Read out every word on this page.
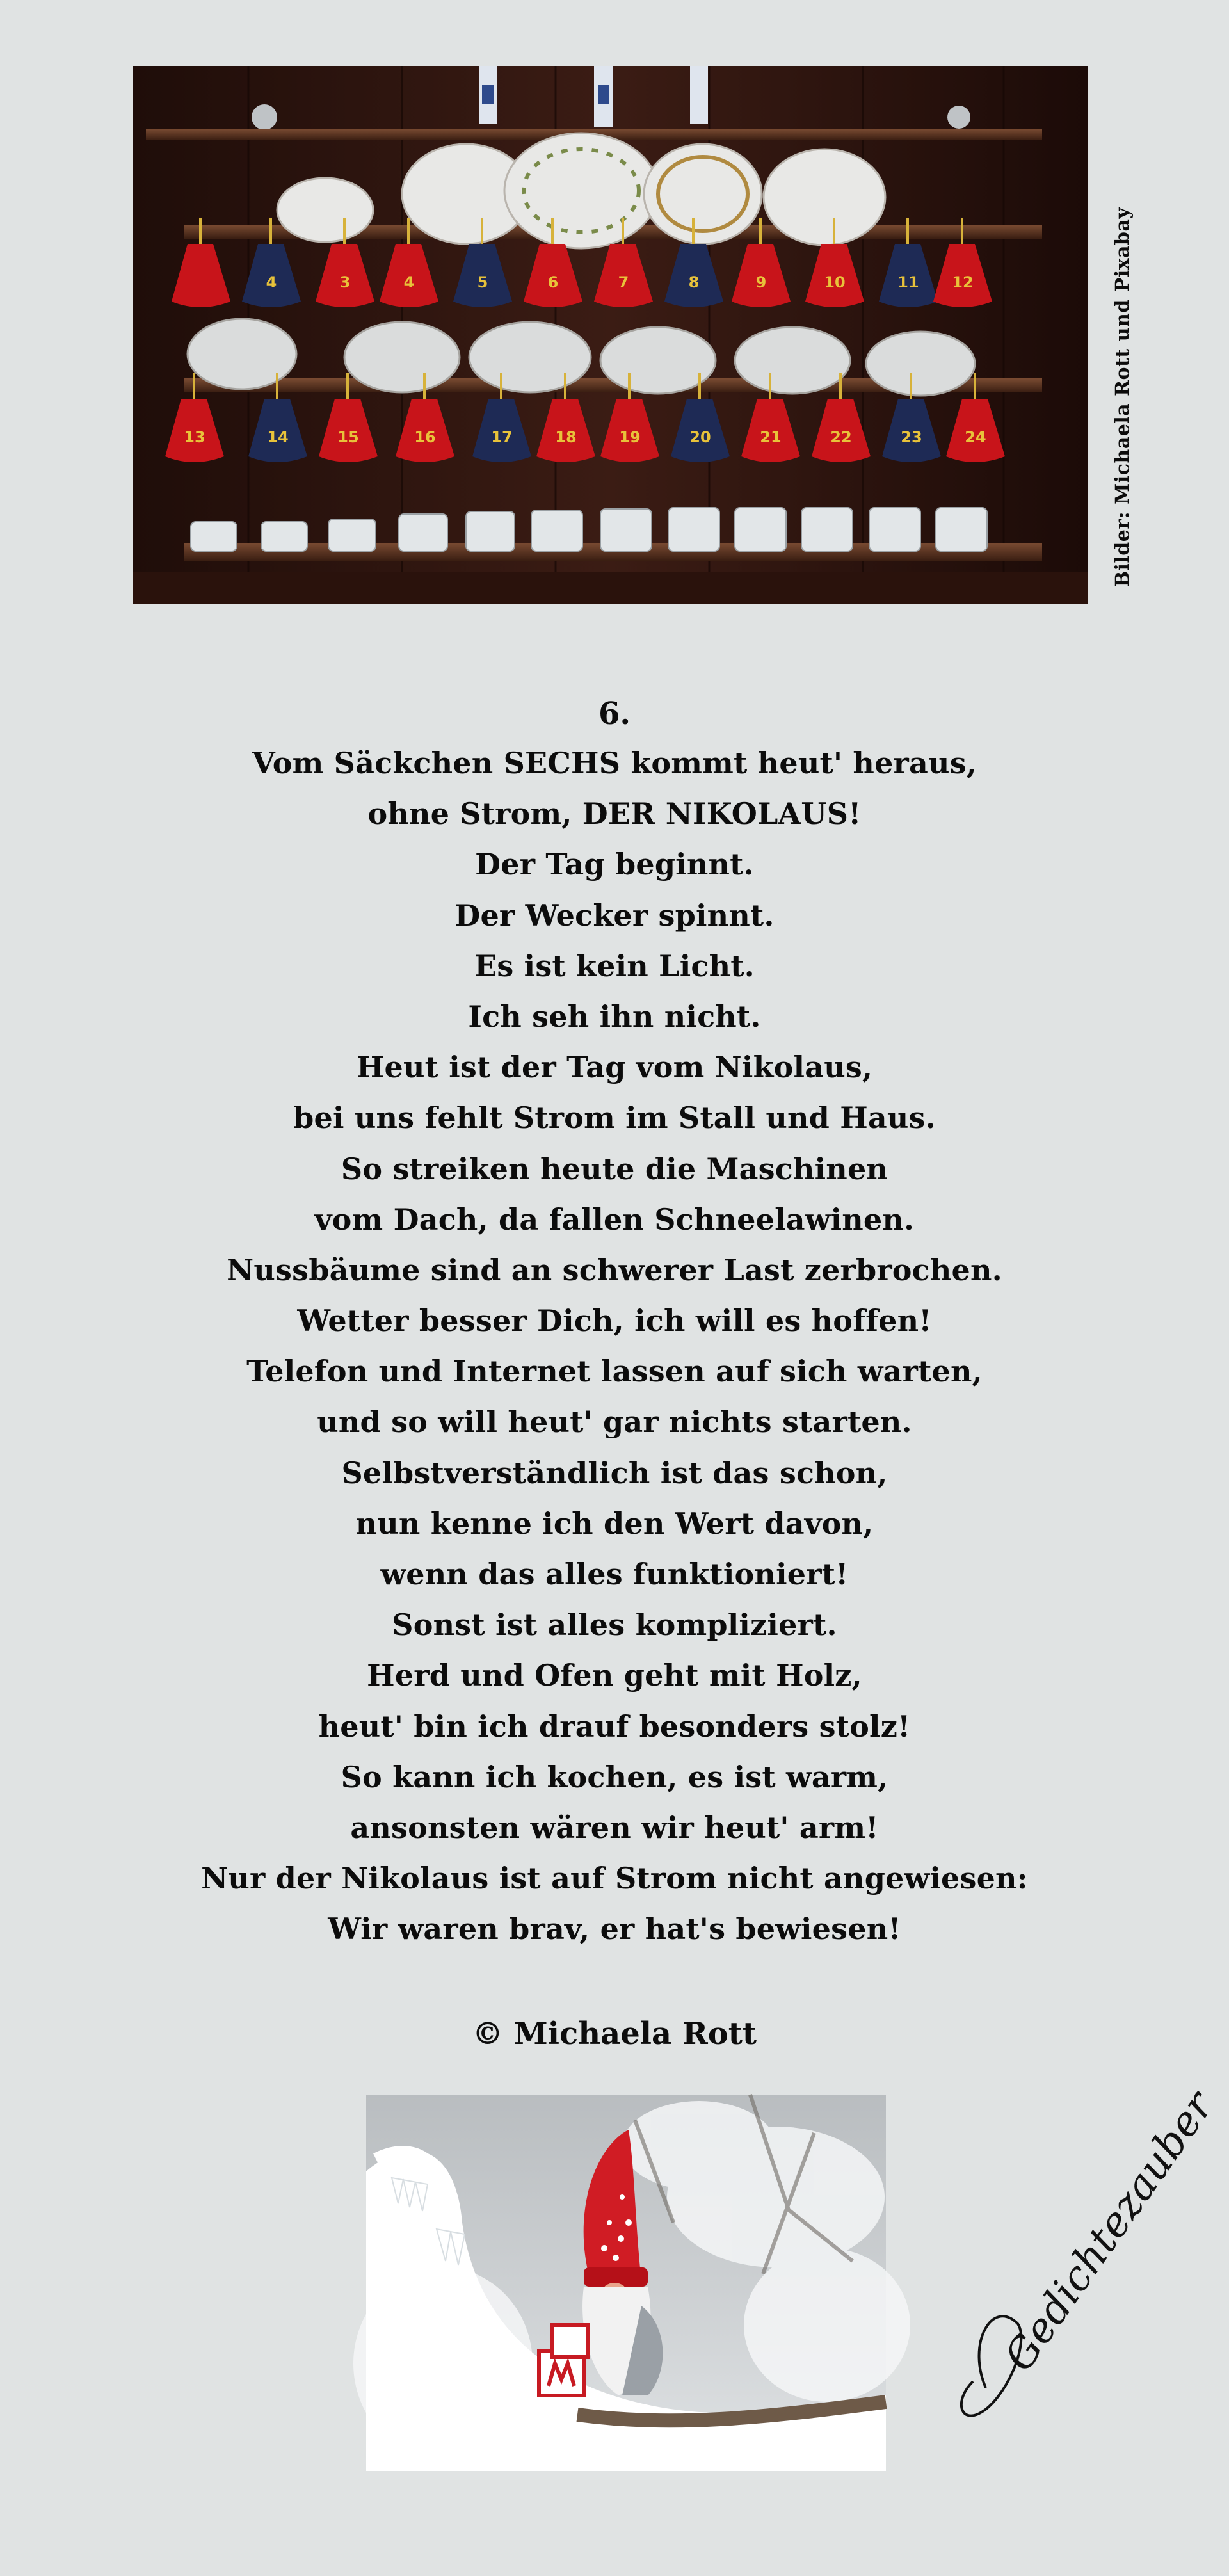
4	3	4	5	6	7	8	9	10	11 12
13	14	15	16	17	18	19	20	21	22	23	24	Bilder: Michaela Rott und Pixabay
6.
Vom Säckchen SECHS kommt heut' heraus,
ohne Strom, DER NIKOLAUS!
Der Tag beginnt.
Der Wecker spinnt.
Es ist kein Licht.
Ich seh ihn nicht.
Heut ist der Tag vom Nikolaus,
bei uns fehlt Strom im Stall und Haus.
So streiken heute die Maschinen
vom Dach, da fallen Schneelawinen.
Nussbäume sind an schwerer Last zerbrochen.
Wetter besser Dich, ich will es hoffen!
Telefon und Internet lassen auf sich warten,
und so will heut' gar nichts starten.
Selbstverständlich ist das schon,
nun kenne ich den Wert davon,
wenn das alles funktioniert!
Sonst ist alles kompliziert.
Herd und Ofen geht mit Holz,
heut' bin ich drauf besonders stolz!
So kann ich kochen, es ist warm,
ansonsten wären wir heut' arm!
Nur der Nikolaus ist auf Strom nicht angewiesen:
Wir waren brav, er hat's bewiesen!
© Michaela Rott
Gedichtezauber
